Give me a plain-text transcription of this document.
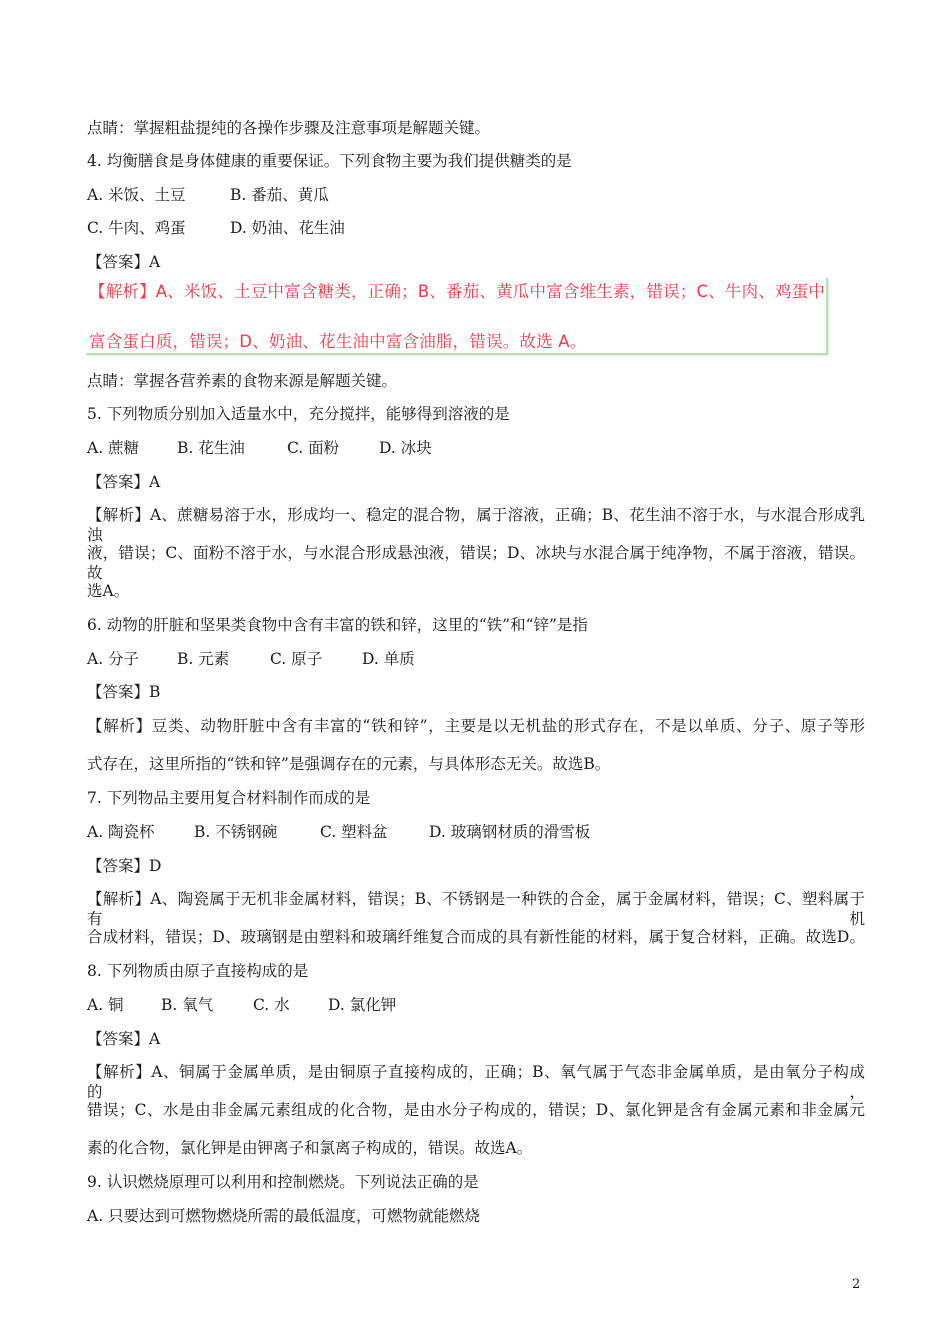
点睛：掌握粗盐提纯的各操作步骤及注意事项是解题关键。
4. 均衡膳食是身体健康的重要保证。下列食物主要为我们提供糖类的是
A. 米饭、土豆	B. 番茄、黄瓜
C. 牛肉、鸡蛋	D. 奶油、花生油
【答案】A
【解析】A、米饭、土豆中富含糖类，正确；B、番茄、黄瓜中富含维生素，错误；C、牛肉、鸡蛋中
富含蛋白质，错误；D、奶油、花生油中富含油脂，错误。故选 A。
点睛：掌握各营养素的食物来源是解题关键。
5. 下列物质分别加入适量水中，充分搅拌，能够得到溶液的是
A. 蔗糖 B. 花生油	C. 面粉	D. 冰块
【答案】A
【解析】A、蔗糖易溶于水，形成均一、稳定的混合物，属于溶液，正确；B、花生油不溶于水，与水混合形成乳浊
液，错误；C、面粉不溶于水，与水混合形成悬浊液，错误；D、冰块与水混合属于纯净物，不属于溶液，错误。故
选A。
6. 动物的肝脏和坚果类食物中含有丰富的铁和锌，这里的“铁”和“锌”是指
A. 分子 B. 元素	C. 原子	D. 单质
【答案】B
【解析】豆类、动物肝脏中含有丰富的“铁和锌”，主要是以无机盐的形式存在，不是以单质、分子、原子等形
式存在，这里所指的“铁和锌”是强调存在的元素，与具体形态无关。故选B。
7. 下列物品主要用复合材料制作而成的是
A. 陶瓷杯	B. 不锈钢碗	C. 塑料盆	D. 玻璃钢材质的滑雪板
【答案】D
【解析】A、陶瓷属于无机非金属材料，错误；B、不锈钢是一种铁的合金，属于金属材料，错误；C、塑料属于有机
合成材料，错误；D、玻璃钢是由塑料和玻璃纤维复合而成的具有新性能的材料，属于复合材料，正确。故选D。
8. 下列物质由原子直接构成的是
A. 铜 B. 氧气	C. 水 D. 氯化钾
【答案】A
【解析】A、铜属于金属单质，是由铜原子直接构成的，正确；B、氧气属于气态非金属单质，是由氧分子构成的，
错误；C、水是由非金属元素组成的化合物，是由水分子构成的，错误；D、氯化钾是含有金属元素和非金属元
素的化合物，氯化钾是由钾离子和氯离子构成的，错误。故选A。
9. 认识燃烧原理可以利用和控制燃烧。下列说法正确的是
A. 只要达到可燃物燃烧所需的最低温度，可燃物就能燃烧
2
